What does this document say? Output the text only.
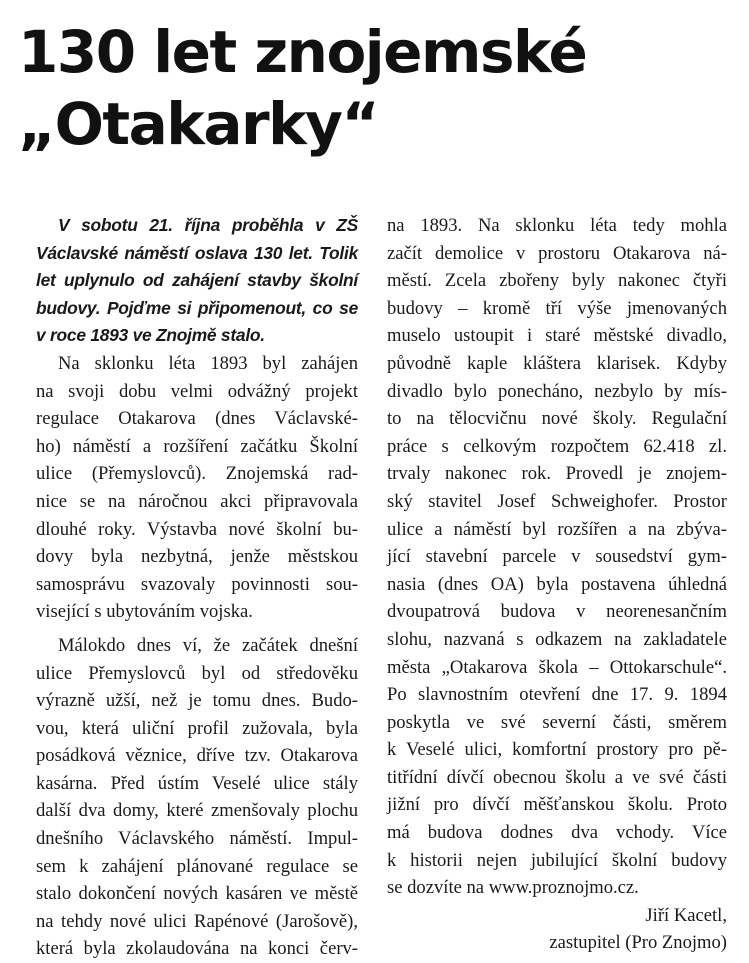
130 let znojemské
„Otakarky“
V sobotu 21. října proběhla v ZŠ
Václavské náměstí oslava 130 let. Tolik
let uplynulo od zahájení stavby školní
budovy. Pojďme si připomenout, co se
v roce 1893 ve Znojmě stalo.
Na sklonku léta 1893 byl zahájen
na svoji dobu velmi odvážný projekt
regulace Otakarova (dnes Václavské-
ho) náměstí a rozšíření začátku Školní
ulice (Přemyslovců). Znojemská rad-
nice se na náročnou akci připravovala
dlouhé roky. Výstavba nové školní bu-
dovy byla nezbytná, jenže městskou
samosprávu svazovaly povinnosti sou-
visející s ubytováním vojska.
Málokdo dnes ví, že začátek dnešní
ulice Přemyslovců byl od středověku
výrazně užší, než je tomu dnes. Budo-
vou, která uliční profil zužovala, byla
posádková věznice, dříve tzv. Otakarova
kasárna. Před ústím Veselé ulice stály
další dva domy, které zmenšovaly plochu
dnešního Václavského náměstí. Impul-
sem k zahájení plánované regulace se
stalo dokončení nových kasáren ve městě
na tehdy nové ulici Rapénové (Jarošově),
která byla zkolaudována na konci červ-
na 1893. Na sklonku léta tedy mohla
začít demolice v prostoru Otakarova ná-
městí. Zcela zbořeny byly nakonec čtyři
budovy – kromě tří výše jmenovaných
muselo ustoupit i staré městské divadlo,
původně kaple kláštera klarisek. Kdyby
divadlo bylo ponecháno, nezbylo by mís-
to na tělocvičnu nové školy. Regulační
práce s celkovým rozpočtem 62.418 zl.
trvaly nakonec rok. Provedl je znojem-
ský stavitel Josef Schweighofer. Prostor
ulice a náměstí byl rozšířen a na zbýva-
jící stavební parcele v sousedství gym-
nasia (dnes OA) byla postavena úhledná
dvoupatrová budova v neorenesančním
slohu, nazvaná s odkazem na zakladatele
města „Otakarova škola – Ottokarschule“.
Po slavnostním otevření dne 17. 9. 1894
poskytla ve své severní části, směrem
k Veselé ulici, komfortní prostory pro pě-
titřídní dívčí obecnou školu a ve své části
jižní pro dívčí měšťanskou školu. Proto
má budova dodnes dva vchody. Více
k historii nejen jubilující školní budovy
se dozvíte na www.proznojmo.cz.
Jiří Kacetl,
zastupitel (Pro Znojmo)
